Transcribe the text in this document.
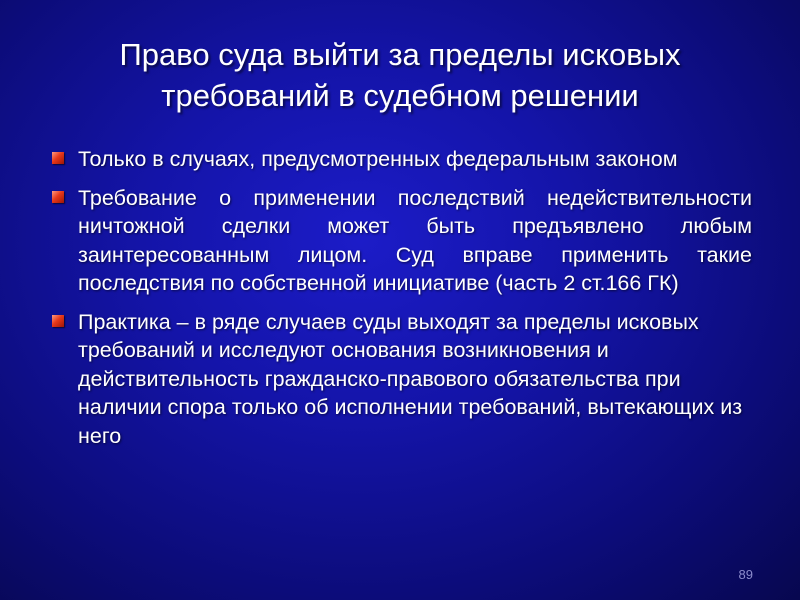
Право суда выйти за пределы исковых требований в судебном решении
Только в случаях, предусмотренных федеральным законом
Требование о применении последствий недействительности ничтожной сделки может быть предъявлено любым заинтересованным лицом. Суд вправе применить такие последствия по собственной инициативе (часть 2 ст.166 ГК)
Практика – в ряде случаев суды выходят за пределы исковых требований и исследуют основания возникновения и действительность гражданско-правового обязательства при наличии спора только об исполнении требований, вытекающих из него
89
